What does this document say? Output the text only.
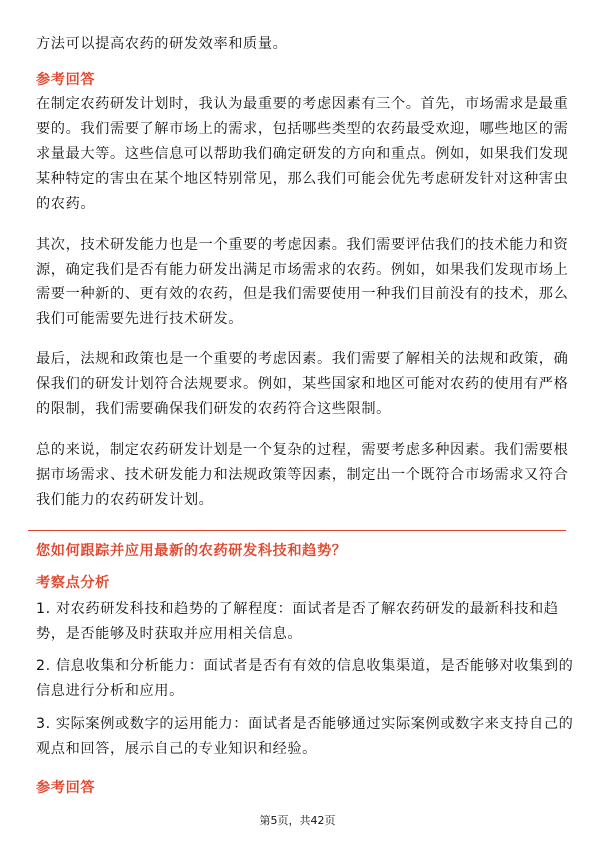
方法可以提高农药的研发效率和质量。
参考回答
在制定农药研发计划时，我认为最重要的考虑因素有三个。首先，市场需求是最重
要的。我们需要了解市场上的需求，包括哪些类型的农药最受欢迎，哪些地区的需
求量最大等。这些信息可以帮助我们确定研发的方向和重点。例如，如果我们发现
某种特定的害虫在某个地区特别常见，那么我们可能会优先考虑研发针对这种害虫
的农药。
其次，技术研发能力也是一个重要的考虑因素。我们需要评估我们的技术能力和资
源，确定我们是否有能力研发出满足市场需求的农药。例如，如果我们发现市场上
需要一种新的、更有效的农药，但是我们需要使用一种我们目前没有的技术，那么
我们可能需要先进行技术研发。
最后，法规和政策也是一个重要的考虑因素。我们需要了解相关的法规和政策，确
保我们的研发计划符合法规要求。例如，某些国家和地区可能对农药的使用有严格
的限制，我们需要确保我们研发的农药符合这些限制。
总的来说，制定农药研发计划是一个复杂的过程，需要考虑多种因素。我们需要根
据市场需求、技术研发能力和法规政策等因素，制定出一个既符合市场需求又符合
我们能力的农药研发计划。
您如何跟踪并应用最新的农药研发科技和趋势？
考察点分析
1. 对农药研发科技和趋势的了解程度：面试者是否了解农药研发的最新科技和趋
势，是否能够及时获取并应用相关信息。
2. 信息收集和分析能力：面试者是否有有效的信息收集渠道，是否能够对收集到的
信息进行分析和应用。
3. 实际案例或数字的运用能力：面试者是否能够通过实际案例或数字来支持自己的
观点和回答，展示自己的专业知识和经验。
参考回答
第5页，共42页
